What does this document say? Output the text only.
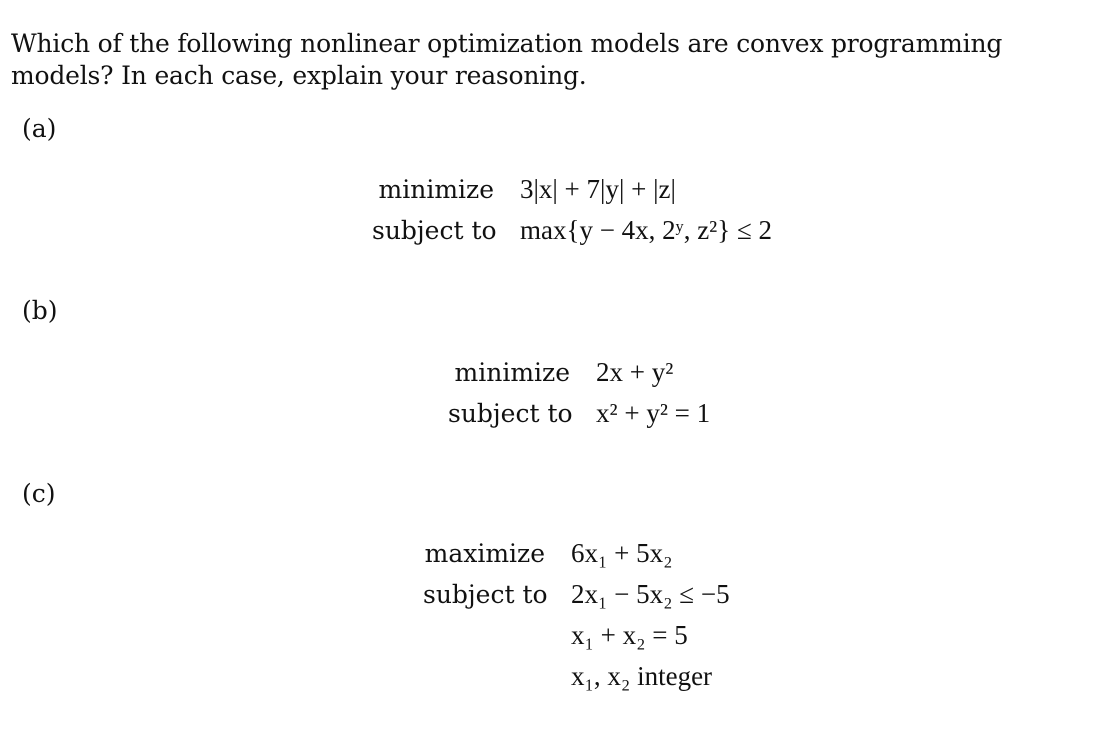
Which of the following nonlinear optimization models are convex programming models? In each case, explain your reasoning.
(a)
minimize 3|x| + 7|y| + |z|
subject to max{y − 4x, 2ʸ, z²} ≤ 2
(b)
minimize 2x + y²
subject to x² + y² = 1
(c)
maximize 6x₁ + 5x₂
subject to 2x₁ − 5x₂ ≤ −5
x₁ + x₂ = 5
x₁, x₂ integer
